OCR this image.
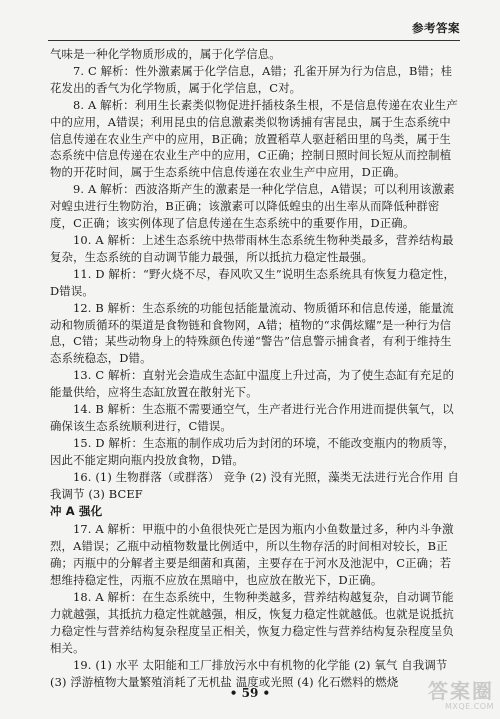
参考答案

气味是一种化学物质形成的，属于化学信息。

7. C 解析：性外激素属于化学信息，A错；孔雀开屏为行为信息，B错；桂花发出的香气为化学物质，属于化学信息，C对。

8. A 解析：利用生长素类似物促进扦插枝条生根，不是信息传递在农业生产中的应用，A错误；利用昆虫的信息激素类似物诱捕有害昆虫，属于生态系统中信息传递在农业生产中的应用，B正确；放置稻草人驱赶稻田里的鸟类，属于生态系统中信息传递在农业生产中的应用，C正确；控制日照时间长短从而控制植物的开花时间，属于生态系统中信息传递在农业生产中应用，D正确。

9. A 解析：西波洛斯产生的激素是一种化学信息，A错误；可以利用该激素对蝗虫进行生物防治，B正确；该激素可以降低蝗虫的出生率从而降低种群密度，C正确；该实例体现了信息传递在生态系统中的重要作用，D正确。

10. A 解析：上述生态系统中热带雨林生态系统生物种类最多，营养结构最复杂，生态系统的自动调节能力最强，所以抵抗力稳定性最强。

11. D 解析：“野火烧不尽，春风吹又生”说明生态系统具有恢复力稳定性，D错误。

12. B 解析：生态系统的功能包括能量流动、物质循环和信息传递，能量流动和物质循环的渠道是食物链和食物网，A错；植物的“求偶炫耀”是一种行为信息，C错；某些动物身上的特殊颜色传递“警告”信息警示捕食者，有利于维持生态系统稳态，D错。

13. C 解析：直射光会造成生态缸中温度上升过高，为了使生态缸有充足的能量供给，应将生态缸放置在散射光下。

14. B 解析：生态瓶不需要通空气，生产者进行光合作用进而提供氧气，以确保该生态系统顺利进行，C错误。

15. D 解析：生态瓶的制作成功后为封闭的环境，不能改变瓶内的物质等，因此不能定期向瓶内投放食物，D错。

16. (1) 生物群落（或群落） 竞争 (2) 没有光照，藻类无法进行光合作用 自我调节 (3) BCEF

冲 A 强化

17. A 解析：甲瓶中的小鱼很快死亡是因为瓶内小鱼数量过多，种内斗争激烈，A错误；乙瓶中动植物数量比例适中，所以生物存活的时间相对较长，B正确；丙瓶中的分解者主要是细菌和真菌，主要存在于河水及池泥中，C正确；若想维持稳定性，丙瓶不应放在黑暗中，也应放在散光下，D正确。

18. A 解析：在生态系统中，生物种类越多，营养结构越复杂，自动调节能力就越强，其抵抗力稳定性就越强，相反，恢复力稳定性就越低。也就是说抵抗力稳定性与营养结构复杂程度呈正相关，恢复力稳定性与营养结构复杂程度呈负相关。

19. (1) 水平 太阳能和工厂排放污水中有机物的化学能 (2) 氧气 自我调节 (3) 浮游植物大量繁殖消耗了无机盐 温度或光照 (4) 化石燃料的燃烧

• 59 •	答案圈
MXQE.COM
